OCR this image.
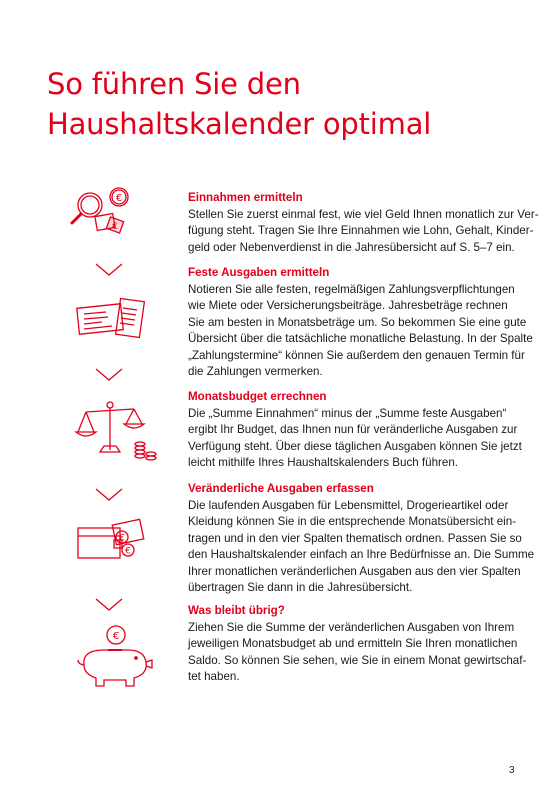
So führen Sie den
Haushaltskalender optimal

Einnahmen ermitteln

Stellen Sie zuerst einmal fest, wie viel Geld Ihnen monatlich zur Ver-
fügung steht. Tragen Sie Ihre Einnahmen wie Lohn, Gehalt, Kinder-
geld oder Nebenverdienst in die Jahresübersicht auf S. 5–7 ein.

Feste Ausgaben ermitteln

Notieren Sie alle festen, regelmäßigen Zahlungsverpflichtungen
wie Miete oder Versicherungsbeiträge. Jahresbeträge rechnen
Sie am besten in Monatsbeträge um. So bekommen Sie eine gute
Übersicht über die tatsächliche monatliche Belastung. In der Spalte
„Zahlungstermine“ können Sie außerdem den genauen Termin für
die Zahlungen vermerken.

Monatsbudget errechnen

Die „Summe Einnahmen“ minus der „Summe feste Ausgaben“
ergibt Ihr Budget, das Ihnen nun für veränderliche Ausgaben zur
Verfügung steht. Über diese täglichen Ausgaben können Sie jetzt
leicht mithilfe Ihres Haushaltskalenders Buch führen.

Veränderliche Ausgaben erfassen

Die laufenden Ausgaben für Lebensmittel, Drogerieartikel oder
Kleidung können Sie in die entsprechende Monatsübersicht ein-
tragen und in den vier Spalten thematisch ordnen. Passen Sie so
den Haushaltskalender einfach an Ihre Bedürfnisse an. Die Summe
Ihrer monatlichen veränderlichen Ausgaben aus den vier Spalten
übertragen Sie dann in die Jahresübersicht.

Was bleibt übrig?

Ziehen Sie die Summe der veränderlichen Ausgaben von Ihrem
jeweiligen Monatsbudget ab und ermitteln Sie Ihren monatlichen
Saldo. So können Sie sehen, wie Sie in einem Monat gewirtschaf-
tet haben.

€
€
€
€
€
3
